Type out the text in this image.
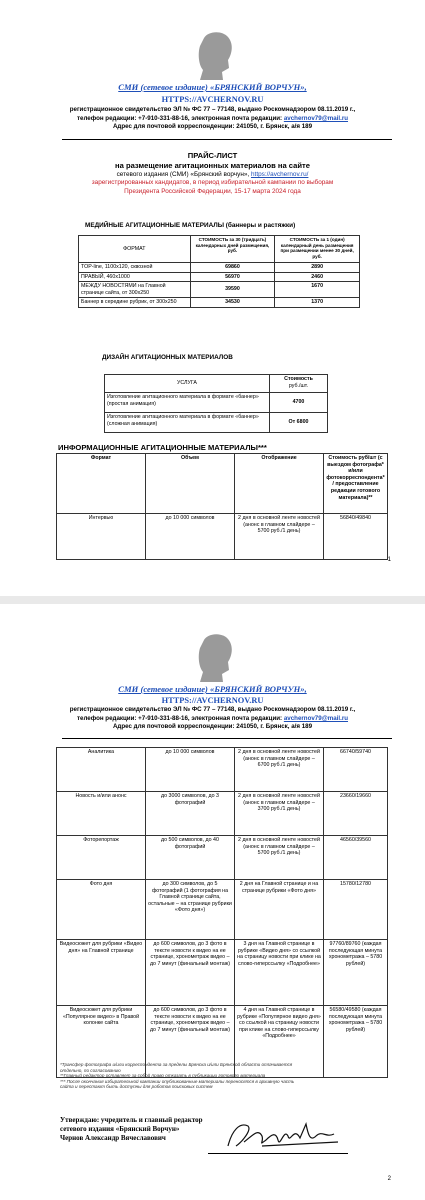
СМИ (сетевое издание) «БРЯНСКИЙ ВОРЧУН»,
HTTPS://AVCHERNOV.RU
регистрационное свидетельство ЭЛ № ФС 77 – 77148, выдано Роскомнадзором 08.11.2019 г.,
телефон редакции: +7-910-331-88-16, электронная почта редакции: avchernov79@mail.ru
Адрес для почтовой корреспонденции: 241050, г. Брянск, а/я 189
ПРАЙС-ЛИСТ
на размещение агитационных материалов на сайте
сетевого издания (СМИ) «Брянский ворчун», https://avchernov.ru/
зарегистрированных кандидатов, в период избирательной кампании по выборам
Президента Российской Федерации, 15-17 марта 2024 года
МЕДИЙНЫЕ АГИТАЦИОННЫЕ МАТЕРИАЛЫ (баннеры и растяжки)
ФОРМАТ	СТОИМОСТЬ за 30 (тридцать) календарных дней размещения, руб.	СТОИМОСТЬ за 1 (один) календарный день размещения при размещении менее 30 дней, руб.
TOP-line, 1100x120, сквозной	69860	2890
ПРАВЫЙ, 460x1000	56970	2460
МЕЖДУ НОВОСТЯМИ на Главной странице сайта, от 300x250	39590	1670
Баннер в середине рубрик, от 300x250	34530	1370
ДИЗАЙН АГИТАЦИОННЫХ МАТЕРИАЛОВ
УСЛУГА	Стоимость
руб./шт.

Изготовление агитационного материала в формате «баннер» (простая анимация)	4700
Изготовление агитационного материала в формате «баннер» (сложная анимация)	От 6800
ИНФОРМАЦИОННЫЕ АГИТАЦИОННЫЕ МАТЕРИАЛЫ***
Формат	Объем	Отображение	Стоимость руб/шт (с выездом фотографа* и/или фотокорреспондента* / предоставление редакции готового материала)**
Интервью	до 10 000 символов	2 дня в основной ленте новостей (анонс в главном слайдере – 5700 руб./1 день)	56840/49840
1
СМИ (сетевое издание) «БРЯНСКИЙ ВОРЧУН»,
HTTPS://AVCHERNOV.RU
регистрационное свидетельство ЭЛ № ФС 77 – 77148, выдано Роскомнадзором 08.11.2019 г.,
телефон редакции: +7-910-331-88-16, электронная почта редакции: avchernov79@mail.ru
Адрес для почтовой корреспонденции: 241050, г. Брянск, а/я 189
Аналитика	до 10 000 символов	2 дня в основной ленте новостей (анонс в главном слайдере – 6700 руб./1 день)	66740/59740
Новость и/или анонс	до 3000 символов, до 3 фотографий	2 дня в основной ленте новостей (анонс в главном слайдере – 3700 руб./1 день)	23660/19660
Фоторепортаж	до 500 символов, до 40 фотографий	2 дня в основной ленте новостей (анонс в главном слайдере – 5700 руб./1 день)	46560/39560
Фото дня	до 300 символов, до 5 фотографий (1 фотография на Главной странице сайта, остальные – на странице рубрики «Фото дня»)	2 дня на Главной странице и на странице рубрики «Фото дня»	15780/12780
Видеосюжет для рубрики «Видео дня» на Главной странице	до 600 символов, до 3 фото в тексте новости к видео на ее странице, хронометраж видео – до 7 минут (финальный монтаж)	3 дня на Главной странице в рубрике «Видео дня» со ссылкой на страницу новости при клике на слово-гиперссылку «Подробнее»	97760/89760 (каждая последующая минута хронометража – 5780 рублей)
Видеосюжет для рубрики «Популярное видео» в Правой колонке сайта	до 600 символов, до 3 фото в тексте новости к видео на ее странице, хронометраж видео – до 7 минут (финальный монтаж)	4 дня на Главной странице в рубрике «Популярное видео дня» со ссылкой на страницу новости при клике на слово-гиперссылку «Подробнее»	56580/49580 (каждая последующая минута хронометража – 5780 рублей)
*Трансфер фотографа и/или корреспондента за пределы Брянска и/или Брянской области оплачивается отдельно, по согласованию
**Главный редактор оставляет за собой право отказать в публикации готового материала
*** После окончания избирательной кампании опубликованные материалы переносятся в архивную часть сайта и перестают быть доступны для роботов поисковых систем
Утверждаю: учредитель и главный редактор
сетевого издания «Брянский Ворчун»
Чернов Александр Вячеславович
2
